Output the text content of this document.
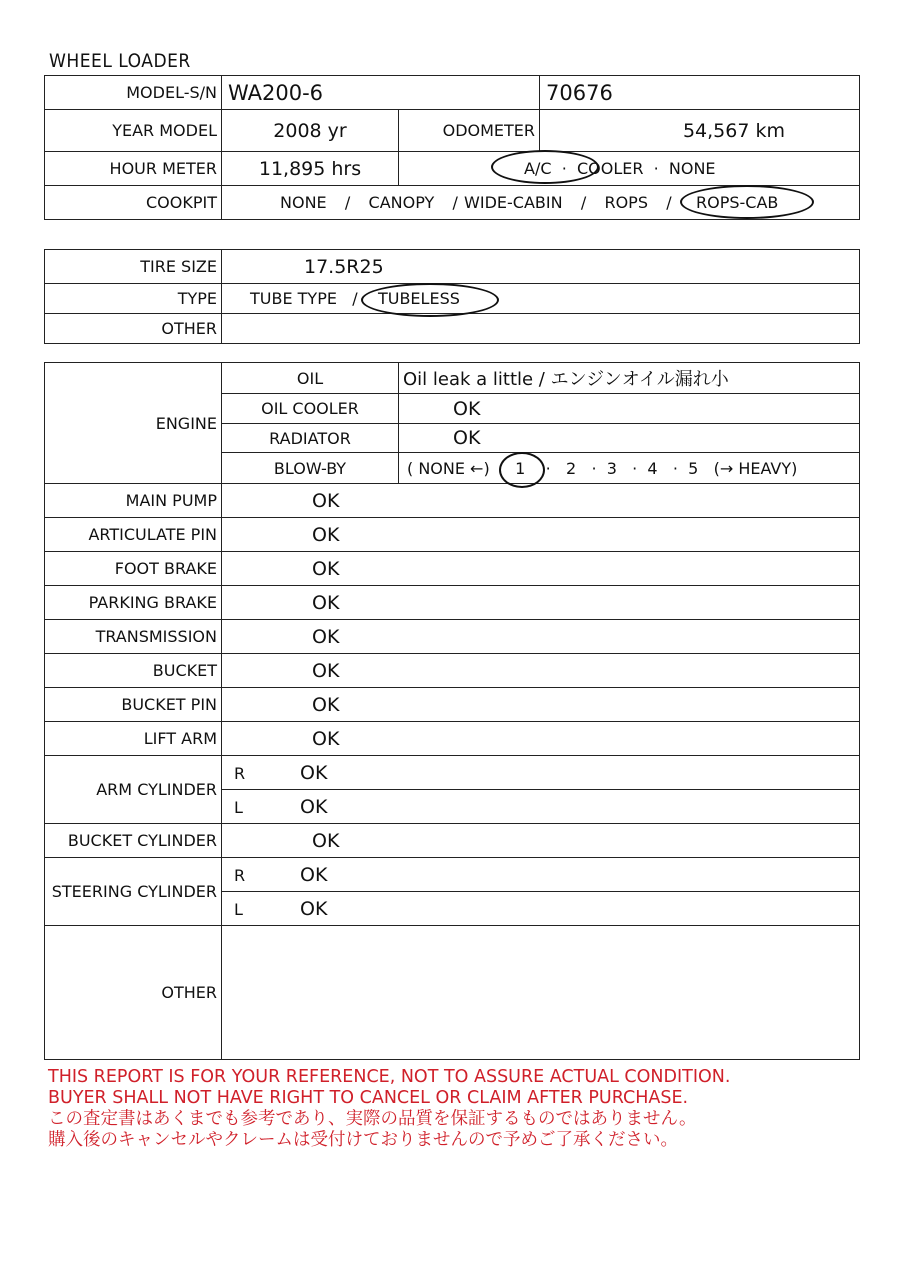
WHEEL LOADER
MODEL-S/N	WA200-6		70676
YEAR MODEL	2008 yr	ODOMETER	54,567 km
HOUR METER	11,895 hrs	A/C  ·  COOLER  ·  NONE	
COOKPIT	NONE   /   CANOPY   / WIDE-CABIN   /   ROPS   /    ROPS-CAB		
TIRE SIZE	17.5R25
TYPE	TUBE TYPE   /    TUBELESS
OTHER	
ENGINE	OIL	Oil leak a little / エンジンオイル漏れ小
	OIL COOLER	OK
	RADIATOR	OK
	BLOW-BY	( NONE ←) 1    ·   2   ·  3   ·  4   ·  5 (→ HEAVY)
MAIN PUMP	OK	
ARTICULATE PIN	OK	
FOOT BRAKE	OK	
PARKING BRAKE	OK	
TRANSMISSION	OK	
BUCKET	OK	
BUCKET PIN	OK	
LIFT ARM	OK	
ARM CYLINDER	R OK	
	L OK	
BUCKET CYLINDER	OK	
STEERING CYLINDER	R OK	
	L OK	
OTHER		
THIS REPORT IS FOR YOUR REFERENCE, NOT TO ASSURE ACTUAL CONDITION.
BUYER SHALL NOT HAVE RIGHT TO CANCEL OR CLAIM AFTER PURCHASE.
この査定書はあくまでも参考であり、実際の品質を保証するものではありません。
購入後のキャンセルやクレームは受付けておりませんので予めご了承ください。
